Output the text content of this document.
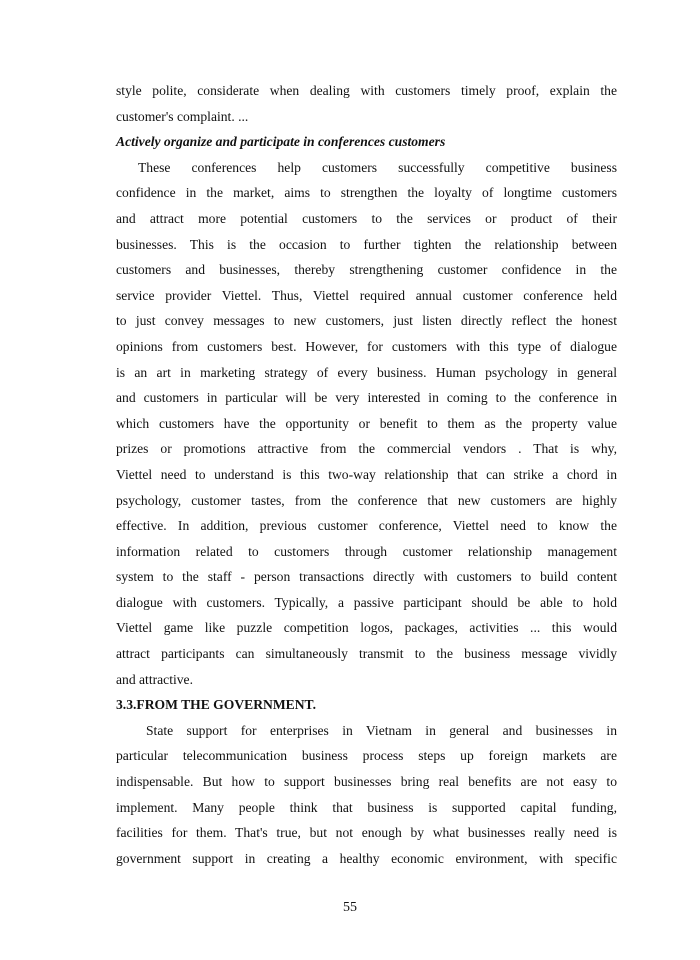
style polite, considerate when dealing with customers timely proof, explain the
customer's complaint. ...
Actively organize and participate in conferences customers
These conferences help customers successfully competitive business
confidence in the market, aims to strengthen the loyalty of longtime customers
and attract more potential customers to the services or product of their
businesses. This is the occasion to further tighten the relationship between
customers and businesses, thereby strengthening customer confidence in the
service provider Viettel. Thus, Viettel required annual customer conference held
to just convey messages to new customers, just listen directly reflect the honest
opinions from customers best. However, for customers with this type of dialogue
is an art in marketing strategy of every business. Human psychology in general
and customers in particular will be very interested in coming to the conference in
which customers have the opportunity or benefit to them as the property value
prizes or promotions attractive from the commercial vendors . That is why,
Viettel need to understand is this two-way relationship that can strike a chord in
psychology, customer tastes, from the conference that new customers are highly
effective. In addition, previous customer conference, Viettel need to know the
information related to customers through customer relationship management
system to the staff - person transactions directly with customers to build content
dialogue with customers. Typically, a passive participant should be able to hold
Viettel game like puzzle competition logos, packages, activities ... this would
attract participants can simultaneously transmit to the business message vividly
and attractive.
3.3.FROM THE GOVERNMENT.
State support for enterprises in Vietnam in general and businesses in
particular telecommunication business process steps up foreign markets are
indispensable. But how to support businesses bring real benefits are not easy to
implement. Many people think that business is supported capital funding,
facilities for them. That's true, but not enough by what businesses really need is
government support in creating a healthy economic environment, with specific
55
